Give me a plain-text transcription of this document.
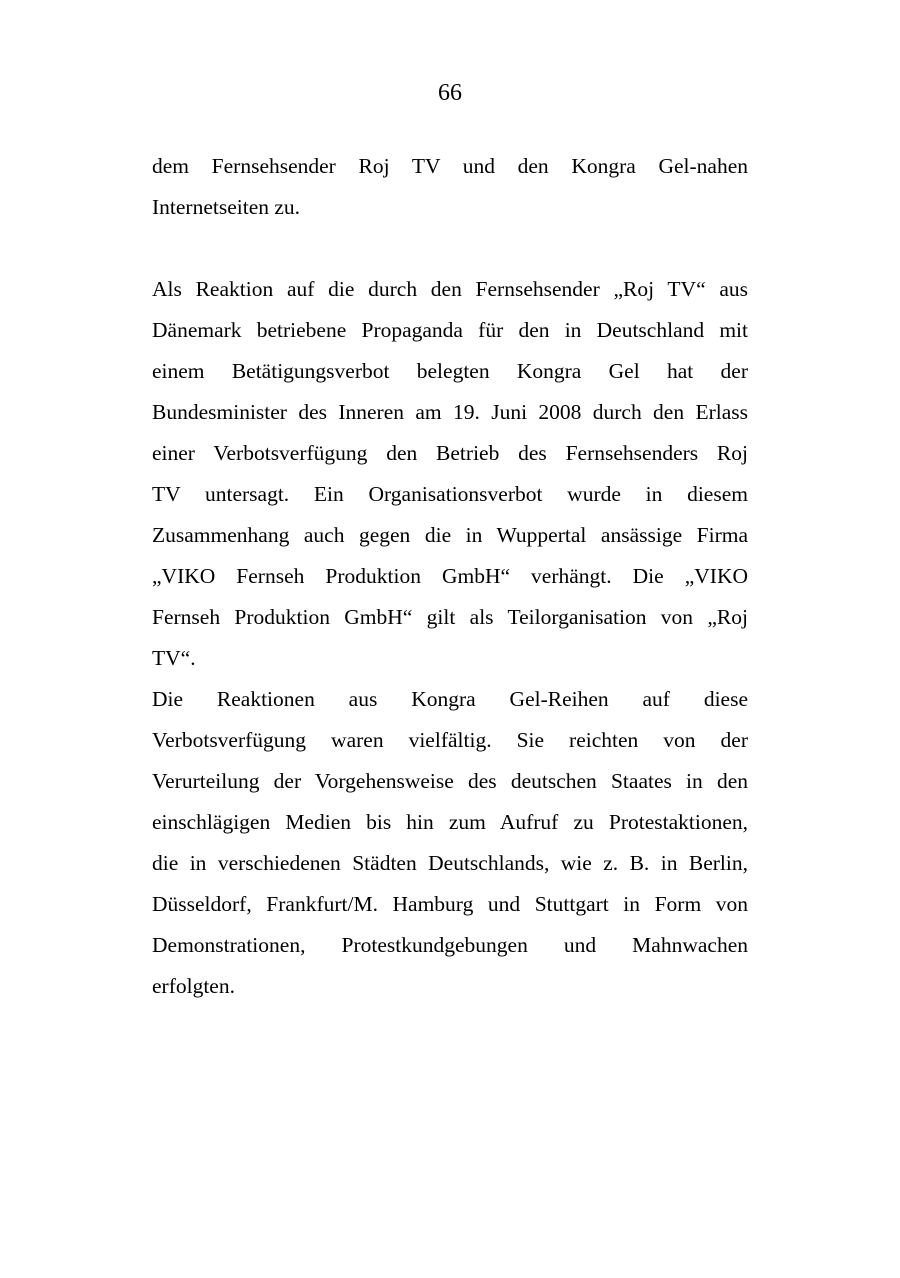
66
dem Fernsehsender Roj TV und den Kongra Gel-nahen
Internetseiten zu.
Als Reaktion auf die durch den Fernsehsender „Roj TV“ aus
Dänemark betriebene Propaganda für den in Deutschland mit
einem Betätigungsverbot belegten Kongra Gel hat der
Bundesminister des Inneren am 19. Juni 2008 durch den Erlass
einer Verbotsverfügung den Betrieb des Fernsehsenders Roj
TV untersagt. Ein Organisationsverbot wurde in diesem
Zusammenhang auch gegen die in Wuppertal ansässige Firma
„VIKO Fernseh Produktion GmbH“ verhängt. Die „VIKO
Fernseh Produktion GmbH“ gilt als Teilorganisation von „Roj
TV“.
Die Reaktionen aus Kongra Gel-Reihen auf diese
Verbotsverfügung waren vielfältig. Sie reichten von der
Verurteilung der Vorgehensweise des deutschen Staates in den
einschlägigen Medien bis hin zum Aufruf zu Protestaktionen,
die in verschiedenen Städten Deutschlands, wie z. B. in Berlin,
Düsseldorf, Frankfurt/M. Hamburg und Stuttgart in Form von
Demonstrationen, Protestkundgebungen und Mahnwachen
erfolgten.
